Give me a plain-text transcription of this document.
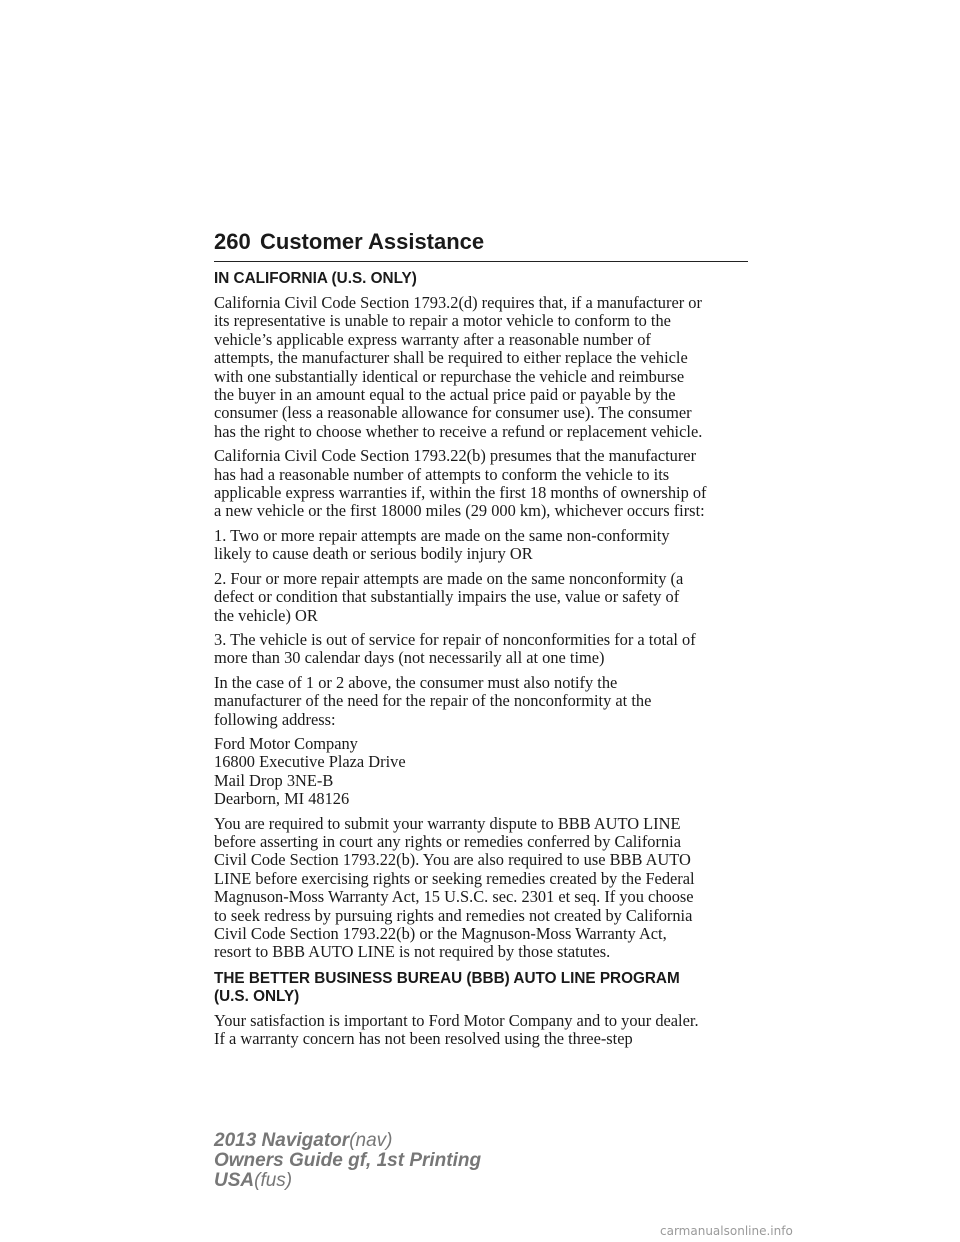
260 Customer Assistance
IN CALIFORNIA (U.S. ONLY)

California Civil Code Section 1793.2(d) requires that, if a manufacturer or
its representative is unable to repair a motor vehicle to conform to the
vehicle’s applicable express warranty after a reasonable number of
attempts, the manufacturer shall be required to either replace the vehicle
with one substantially identical or repurchase the vehicle and reimburse
the buyer in an amount equal to the actual price paid or payable by the
consumer (less a reasonable allowance for consumer use). The consumer
has the right to choose whether to receive a refund or replacement vehicle.

California Civil Code Section 1793.22(b) presumes that the manufacturer
has had a reasonable number of attempts to conform the vehicle to its
applicable express warranties if, within the first 18 months of ownership of
a new vehicle or the first 18000 miles (29 000 km), whichever occurs first:

1. Two or more repair attempts are made on the same non-conformity
likely to cause death or serious bodily injury OR

2. Four or more repair attempts are made on the same nonconformity (a
defect or condition that substantially impairs the use, value or safety of
the vehicle) OR

3. The vehicle is out of service for repair of nonconformities for a total of
more than 30 calendar days (not necessarily all at one time)

In the case of 1 or 2 above, the consumer must also notify the
manufacturer of the need for the repair of the nonconformity at the
following address:

Ford Motor Company
16800 Executive Plaza Drive
Mail Drop 3NE-B
Dearborn, MI 48126

You are required to submit your warranty dispute to BBB AUTO LINE
before asserting in court any rights or remedies conferred by California
Civil Code Section 1793.22(b). You are also required to use BBB AUTO
LINE before exercising rights or seeking remedies created by the Federal
Magnuson-Moss Warranty Act, 15 U.S.C. sec. 2301 et seq. If you choose
to seek redress by pursuing rights and remedies not created by California
Civil Code Section 1793.22(b) or the Magnuson-Moss Warranty Act,
resort to BBB AUTO LINE is not required by those statutes.

THE BETTER BUSINESS BUREAU (BBB) AUTO LINE PROGRAM
(U.S. ONLY)

Your satisfaction is important to Ford Motor Company and to your dealer.
If a warranty concern has not been resolved using the three-step

2013 Navigator(nav)
Owners Guide gf, 1st Printing
USA(fus)
carmanualsonline.info
